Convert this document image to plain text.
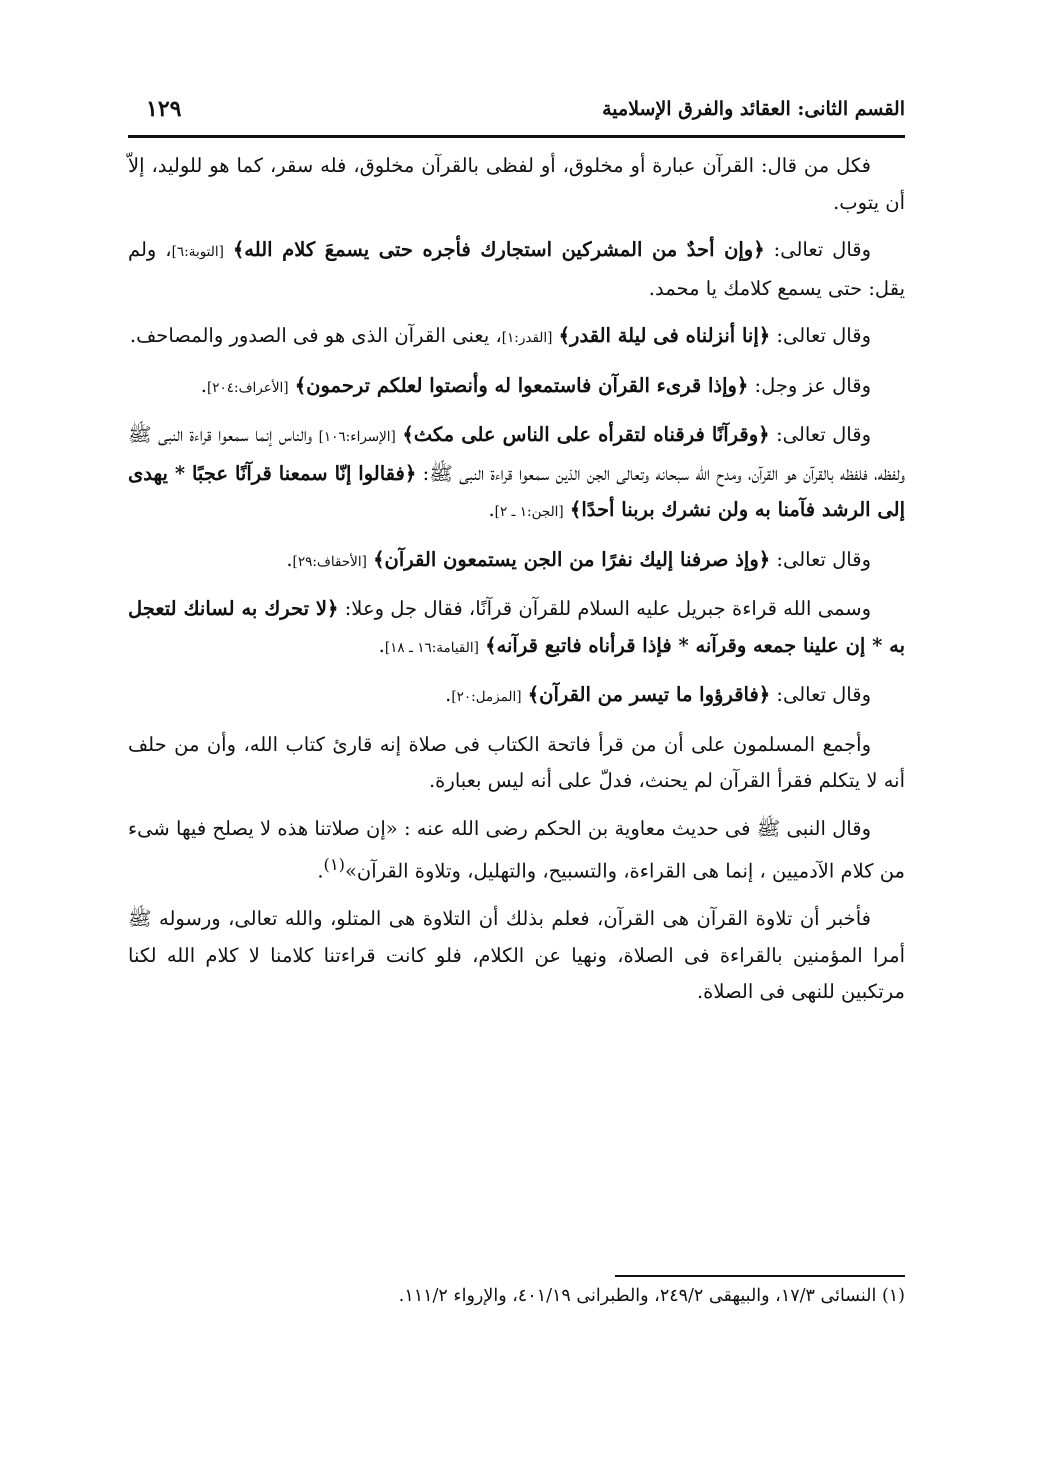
القسم الثانى: العقائد والفرق الإسلامية
١٢٩

فكل من قال: القرآن عبارة أو مخلوق، أو لفظى بالقرآن مخلوق، فله سقر، كما هو للوليد، إلاّ أن يتوب.

وقال تعالى: ﴿وإن أحدٌ من المشركين استجارك فأجره حتى يسمعَ كلام الله﴾ [التوبة:٦]، ولم يقل: حتى يسمع كلامك يا محمد.

وقال تعالى: ﴿إنا أنزلناه فى ليلة القدر﴾ [القدر:١]، يعنى القرآن الذى هو فى الصدور والمصاحف.

وقال عز وجل: ﴿وإذا قرىء القرآن فاستمعوا له وأنصتوا لعلكم ترحمون﴾ [الأعراف:٢٠٤].

وقال تعالى: ﴿وقرآنًا فرقناه لتقرأه على الناس على مكث﴾ [الإسراء:١٠٦] والناس إنما سمعوا قراءة النبى ﷺ ولفظه، فلفظه بالقرآن هو القرآن، ومدح الله سبحانه وتعالى الجن الذين سمعوا قراءة النبى ﷺ: ﴿فقالوا إنّا سمعنا قرآنًا عجبًا * يهدى إلى الرشد فآمنا به ولن نشرك بربنا أحدًا﴾ [الجن:١ ـ ٢].

وقال تعالى: ﴿وإذ صرفنا إليك نفرًا من الجن يستمعون القرآن﴾ [الأحقاف:٢٩].

وسمى الله قراءة جبريل عليه السلام للقرآن قرآنًا، فقال جل وعلا: ﴿لا تحرك به لسانك لتعجل به * إن علينا جمعه وقرآنه * فإذا قرأناه فاتبع قرآنه﴾ [القيامة:١٦ ـ ١٨].

وقال تعالى: ﴿فاقرؤوا ما تيسر من القرآن﴾ [المزمل:٢٠].

وأجمع المسلمون على أن من قرأ فاتحة الكتاب فى صلاة إنه قارئ كتاب الله، وأن من حلف أنه لا يتكلم فقرأ القرآن لم يحنث، فدلّ على أنه ليس بعبارة.

وقال النبى ﷺ فى حديث معاوية بن الحكم رضى الله عنه : «إن صلاتنا هذه لا يصلح فيها شىء من كلام الآدميين ، إنما هى القراءة، والتسبيح، والتهليل، وتلاوة القرآن»$^{(١)}$.

فأخبر أن تلاوة القرآن هى القرآن، فعلم بذلك أن التلاوة هى المتلو، والله تعالى، ورسوله ﷺ أمرا المؤمنين بالقراءة فى الصلاة، ونهيا عن الكلام، فلو كانت قراءتنا كلامنا لا كلام الله لكنا مرتكبين للنهى فى الصلاة.

(١) النسائى ١٧/٣، والبيهقى ٢٤٩/٢، والطبرانى ٤٠١/١٩، والإرواء ١١١/٢.
